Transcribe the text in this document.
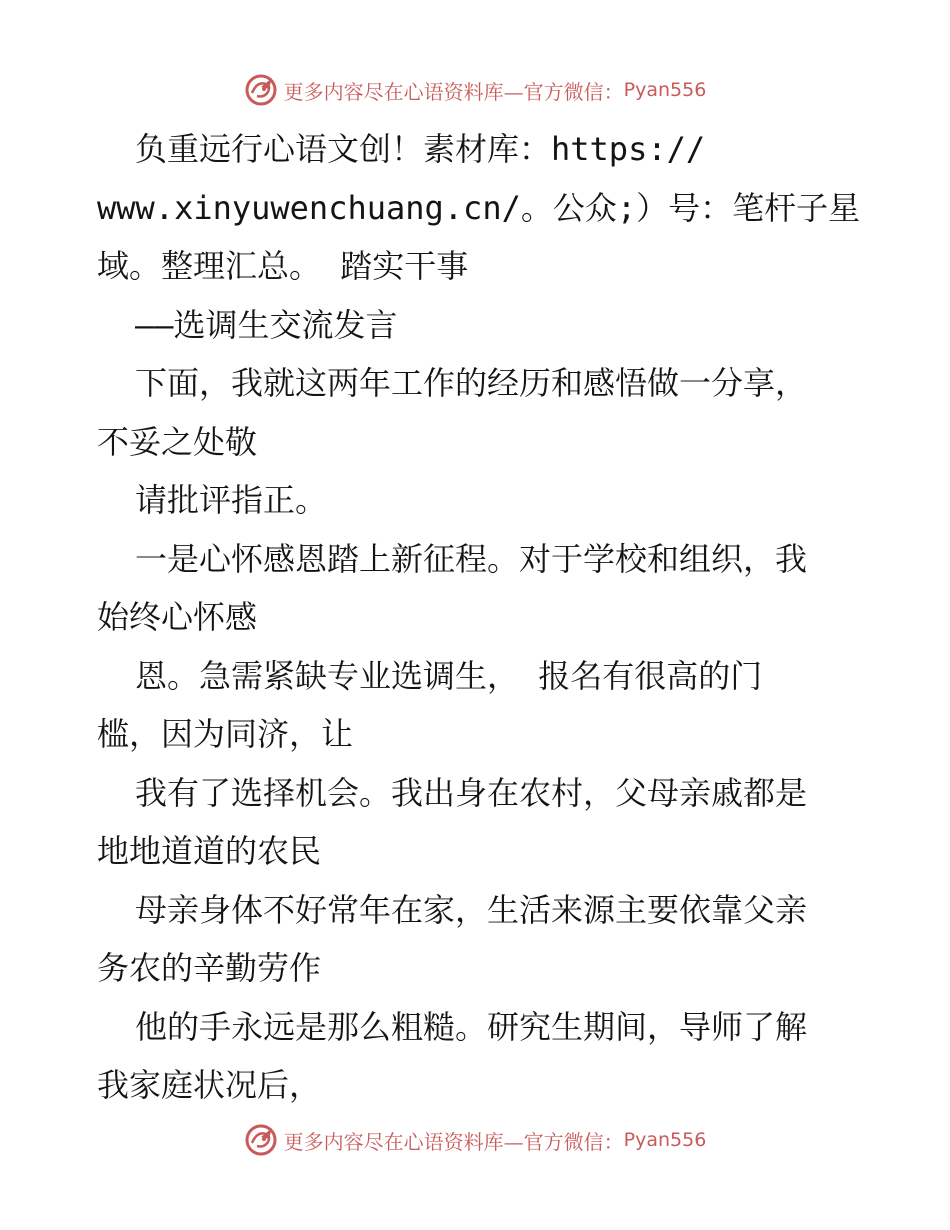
更多内容尽在心语资料库—官方微信： Pyan556

负重远行心语文创！素材库：https://

www.xinyuwenchuang.cn/。公众;）号：笔杆子星

域。整理汇总。 踏实干事

——选调生交流发言

下面，我就这两年工作的经历和感悟做一分享，

不妥之处敬

请批评指正。

一是心怀感恩踏上新征程。对于学校和组织，我

始终心怀感

恩。急需紧缺专业选调生， 报名有很高的门

槛，因为同济，让

我有了选择机会。我出身在农村，父母亲戚都是

地地道道的农民

母亲身体不好常年在家，生活来源主要依靠父亲

务农的辛勤劳作

他的手永远是那么粗糙。研究生期间，导师了解

我家庭状况后，

更多内容尽在心语资料库—官方微信： Pyan556
